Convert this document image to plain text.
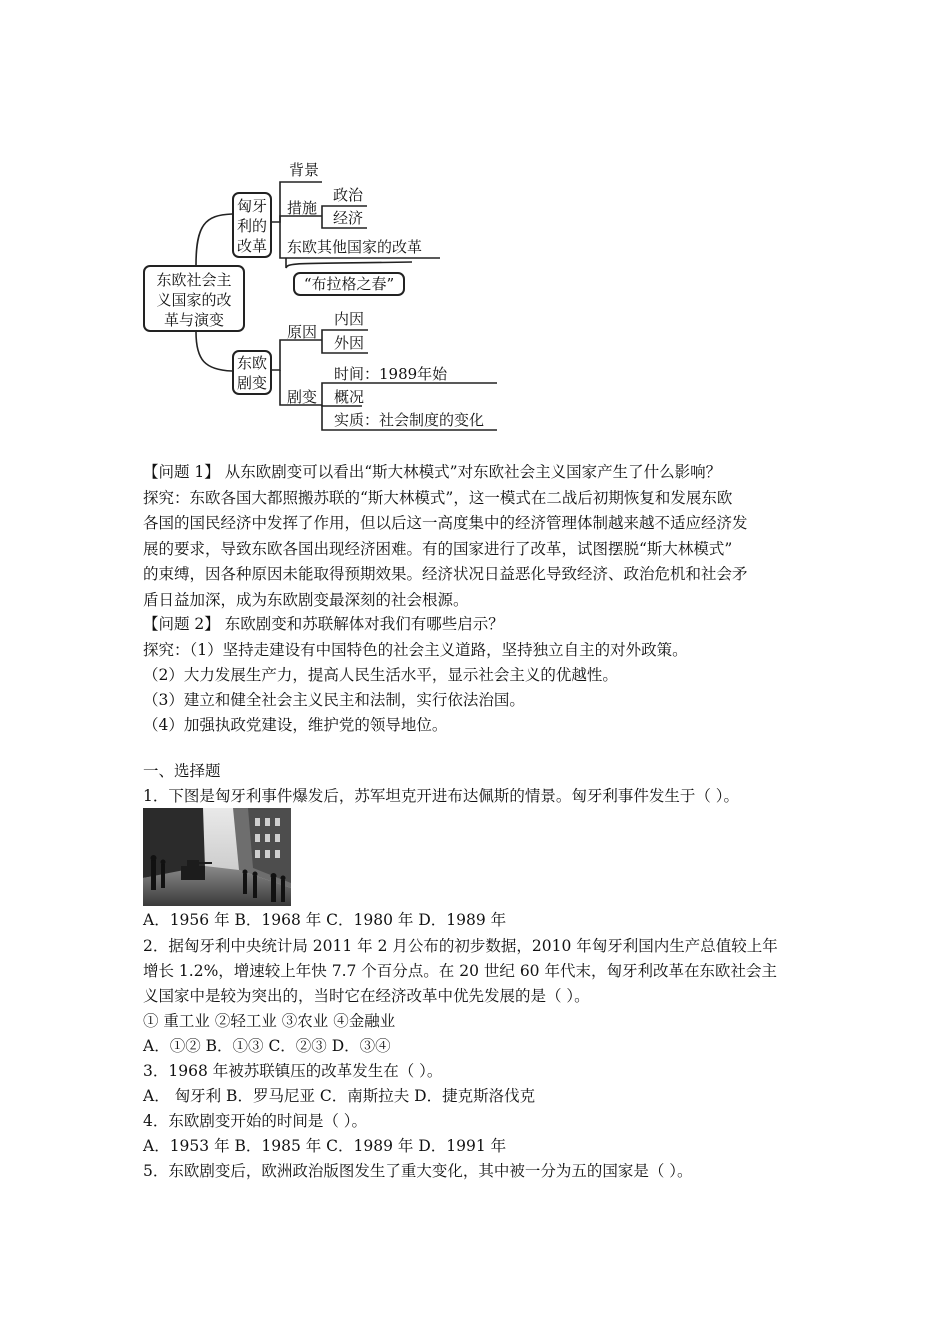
东欧社会主
义国家的改
革与演变
匈牙
利的
改革
背景
措施
政治
经济
东欧其他国家的改革
“布拉格之春”
东欧
剧变
原因
内因
外因
剧变
时间：1989年始
概况
实质：社会制度的变化
【问题 1】 从东欧剧变可以看出“斯大林模式”对东欧社会主义国家产生了什么影响？
探究：东欧各国大都照搬苏联的“斯大林模式”，这一模式在二战后初期恢复和发展东欧
各国的国民经济中发挥了作用，但以后这一高度集中的经济管理体制越来越不适应经济发
展的要求，导致东欧各国出现经济困难。有的国家进行了改革，试图摆脱“斯大林模式”
的束缚，因各种原因未能取得预期效果。经济状况日益恶化导致经济、政治危机和社会矛
盾日益加深，成为东欧剧变最深刻的社会根源。
【问题 2】 东欧剧变和苏联解体对我们有哪些启示？
探究：（1）坚持走建设有中国特色的社会主义道路，坚持独立自主的对外政策。
（2）大力发展生产力，提高人民生活水平，显示社会主义的优越性。
（3）建立和健全社会主义民主和法制，实行依法治国。
（4）加强执政党建设，维护党的领导地位。
一、选择题
1．下图是匈牙利事件爆发后，苏军坦克开进布达佩斯的情景。匈牙利事件发生于（ ）。
A．1956 年 B．1968 年 C．1980 年 D．1989 年
2．据匈牙利中央统计局 2011 年 2 月公布的初步数据，2010 年匈牙利国内生产总值较上年
增长 1.2%，增速较上年快 7.7 个百分点。在 20 世纪 60 年代末，匈牙利改革在东欧社会主
义国家中是较为突出的，当时它在经济改革中优先发展的是（ ）。
① 重工业 ②轻工业 ③农业 ④金融业
A．①② B．①③ C．②③ D．③④
3．1968 年被苏联镇压的改革发生在（ ）。
A． 匈牙利 B．罗马尼亚 C．南斯拉夫 D．捷克斯洛伐克
4．东欧剧变开始的时间是（ ）。
A．1953 年 B．1985 年 C．1989 年 D．1991 年
5．东欧剧变后，欧洲政治版图发生了重大变化，其中被一分为五的国家是（ ）。
